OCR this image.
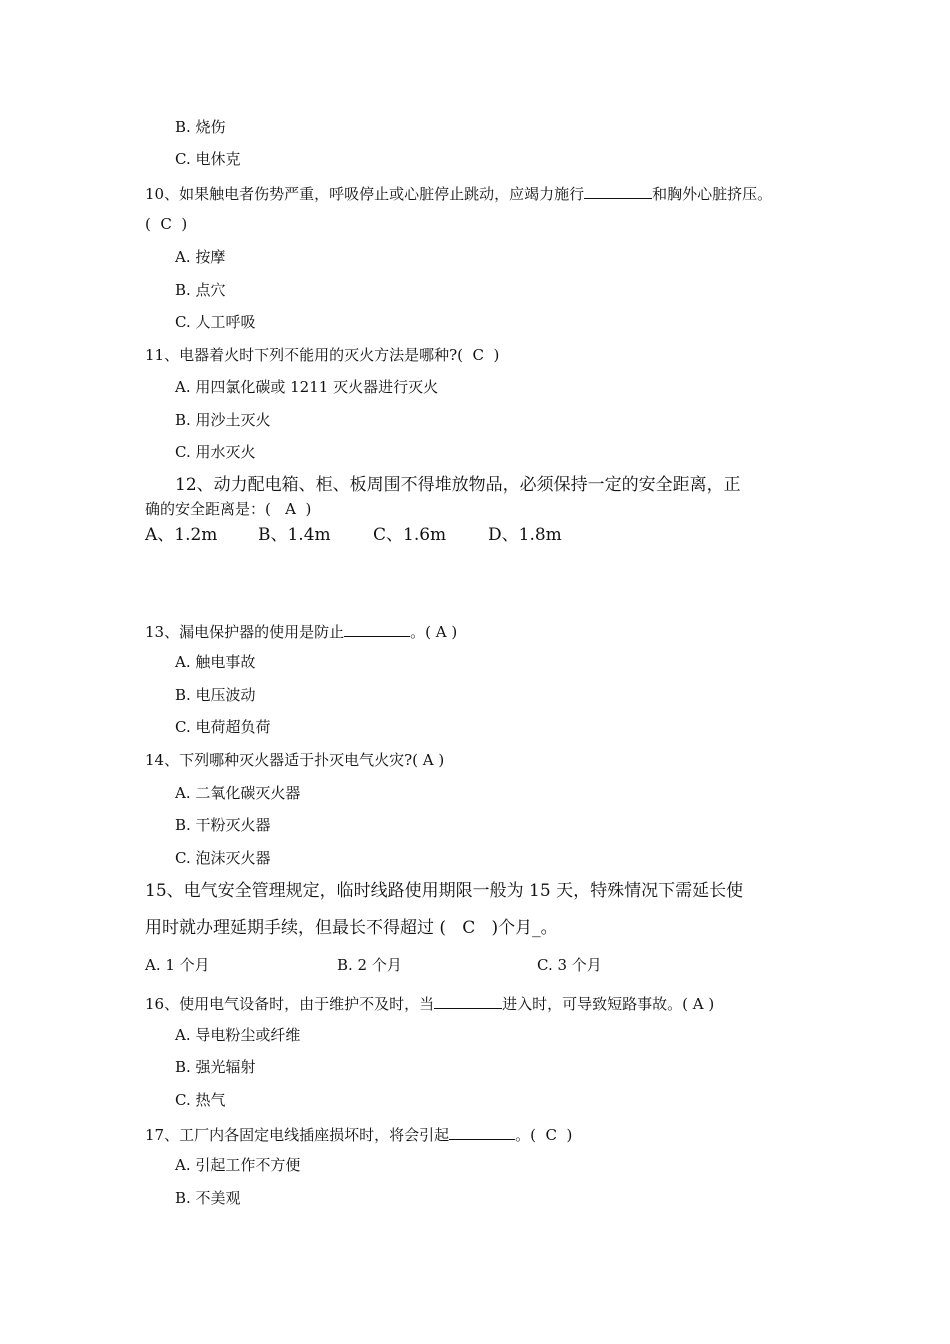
B. 烧伤
C. 电休克
10、如果触电者伤势严重，呼吸停止或心脏停止跳动，应竭力施行	和胸外心脏挤压。
(  C  )
A. 按摩
B. 点穴
C. 人工呼吸
11、电器着火时下列不能用的灭火方法是哪种?(  C  )
A. 用四氯化碳或 1211 灭火器进行灭火
B. 用沙土灭火
C. 用水灭火
12、动力配电箱、柜、板周围不得堆放物品，必须保持一定的安全距离，正
确的安全距离是：(   A  )
A、1.2m B、1.4m C、1.6m D、1.8m
13、漏电保护器的使用是防止	。( A )
A. 触电事故
B. 电压波动
C. 电荷超负荷
14、下列哪种灭火器适于扑灭电气火灾?( A )
A. 二氧化碳灭火器
B. 干粉灭火器
C. 泡沫灭火器
15、电气安全管理规定，临时线路使用期限一般为 15 天，特殊情况下需延长使
用时就办理延期手续，但最长不得超过 (   C   )个月_。
A. 1 个月	B. 2 个月	C. 3 个月
16、使用电气设备时，由于维护不及时，当	进入时，可导致短路事故。( A )
A. 导电粉尘或纤维
B. 强光辐射
C. 热气
17、工厂内各固定电线插座损坏时，将会引起	。(  C  )
A. 引起工作不方便
B. 不美观
